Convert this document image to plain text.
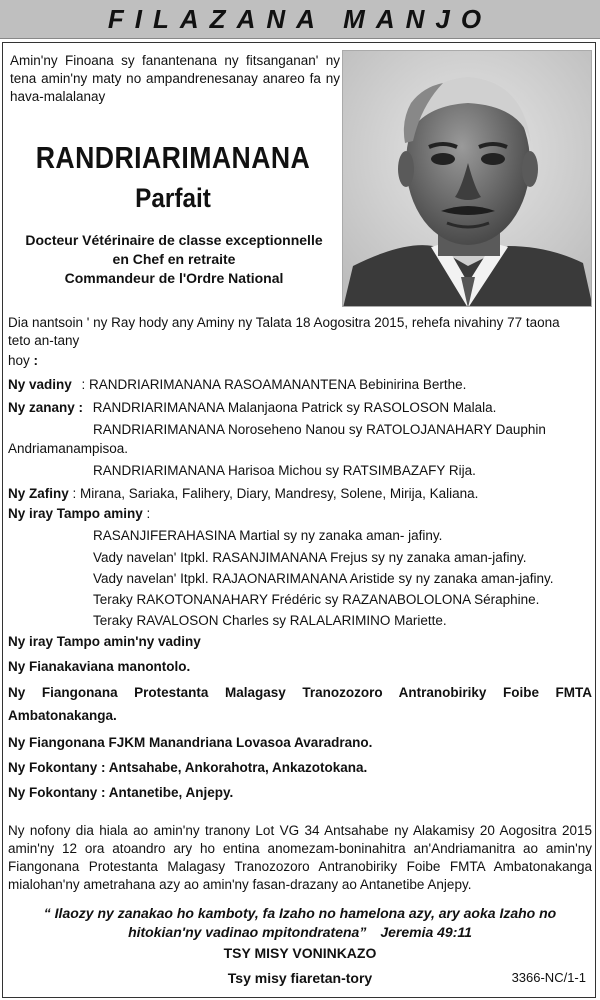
FILAZANA MANJO
Amin'ny Finoana sy fanantenana ny fitsanganan' ny tena amin'ny maty no ampandrenesanay anareo fa ny hava-malalanay
RANDRIARIMANANA
Parfait
Docteur Vétérinaire de classe exceptionnelle
en Chef en retraite
Commandeur de l'Ordre National
Dia nantsoin ' ny Ray hody any Aminy ny Talata 18 Aogositra 2015, rehefa nivahiny 77 taona
teto an-tany
hoy :
Ny vadiny : RANDRIARIMANANA RASOAMANANTENA Bebinirina Berthe.
Ny zanany : RANDRIARIMANANA Malanjaona Patrick sy RASOLOSON Malala.
RANDRIARIMANANA Noroseheno Nanou sy RATOLOJANAHARY Dauphin
Andriamanampisoa.
RANDRIARIMANANA Harisoa Michou sy RATSIMBAZAFY Rija.
Ny Zafiny : Mirana, Sariaka, Falihery, Diary, Mandresy, Solene, Mirija, Kaliana.
Ny iray Tampo aminy :
RASANJIFERAHASINA Martial sy ny zanaka aman- jafiny.
Vady navelan' Itpkl. RASANJIMANANA Frejus sy ny zanaka aman-jafiny.
Vady navelan' Itpkl. RAJAONARIMANANA Aristide sy ny zanaka aman-jafiny.
Teraky RAKOTONANAHARY Frédéric sy RAZANABOLOLONA Séraphine.
Teraky RAVALOSON Charles sy RALALARIMINO Mariette.
Ny iray Tampo amin'ny vadiny
Ny Fianakaviana manontolo.
Ny Fiangonana Protestanta Malagasy Tranozozoro Antranobiriky Foibe FMTA
Ambatonakanga.
Ny Fiangonana FJKM Manandriana Lovasoa Avaradrano.
Ny Fokontany : Antsahabe, Ankorahotra, Ankazotokana.
Ny Fokontany : Antanetibe, Anjepy.
Ny nofony dia hiala ao amin'ny tranony Lot VG 34 Antsahabe ny Alakamisy 20 Aogositra 2015 amin'ny 12 ora atoandro ary ho entina anomezam-boninahitra an'Andriamanitra ao amin'ny Fiangonana Protestanta Malagasy Tranozozoro Antranobiriky Foibe FMTA Ambatonakanga mialohan'ny ametrahana azy ao amin'ny fasan-drazany ao Antanetibe Anjepy.
“ Ilaozy ny zanakao ho kamboty, fa Izaho no hamelona azy, ary aoka Izaho no
hitokian'ny vadinao mpitondratena” Jeremia 49:11
TSY MISY VONINKAZO
Tsy misy fiaretan-tory	3366-NC/1-1
